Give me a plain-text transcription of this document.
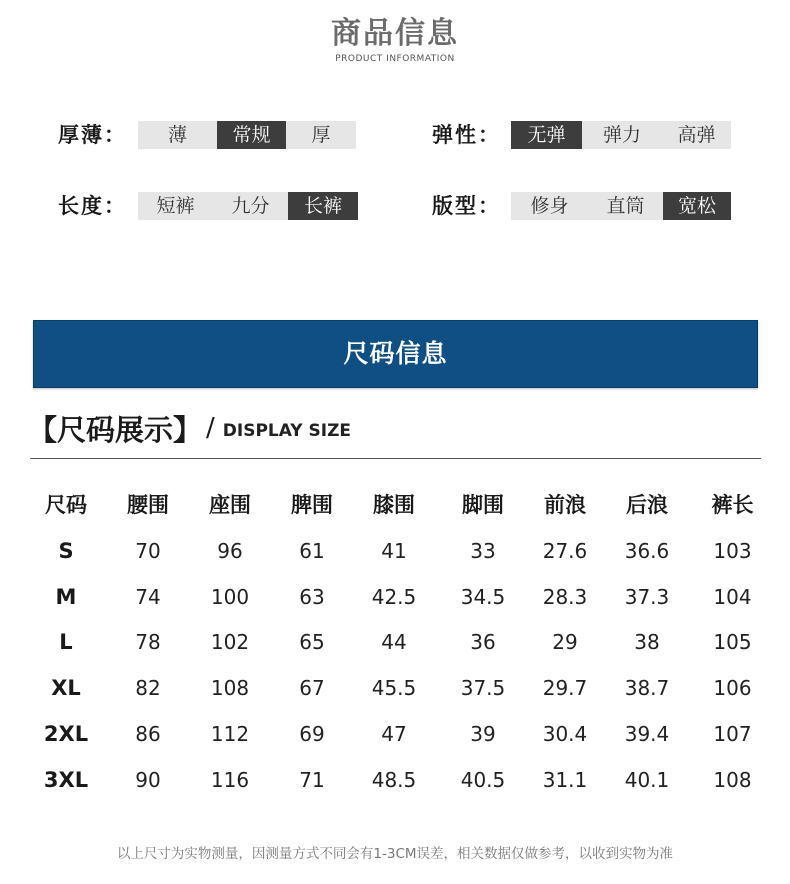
商品信息
PRODUCT INFORMATION
厚薄：	薄	常规	厚	弹性：	无弹	弹力	高弹
长度：	短裤	九分	长裤	版型：	修身	直筒	宽松
尺码信息
【尺码展示】 / DISPLAY SIZE
尺码	腰围	座围	脾围	膝围	脚围	前浪	后浪	裤长
S	70	96	61	41	33	27.6	36.6	103
M	74	100	63	42.5	34.5	28.3	37.3	104
L	78	102	65	44	36	29	38	105
XL	82	108	67	45.5	37.5	29.7	38.7	106
2XL	86	112	69	47	39	30.4	39.4	107
3XL	90	116	71	48.5	40.5	31.1	40.1	108
以上尺寸为实物测量，因测量方式不同会有1-3CM误差，相关数据仅做参考，以收到实物为准
